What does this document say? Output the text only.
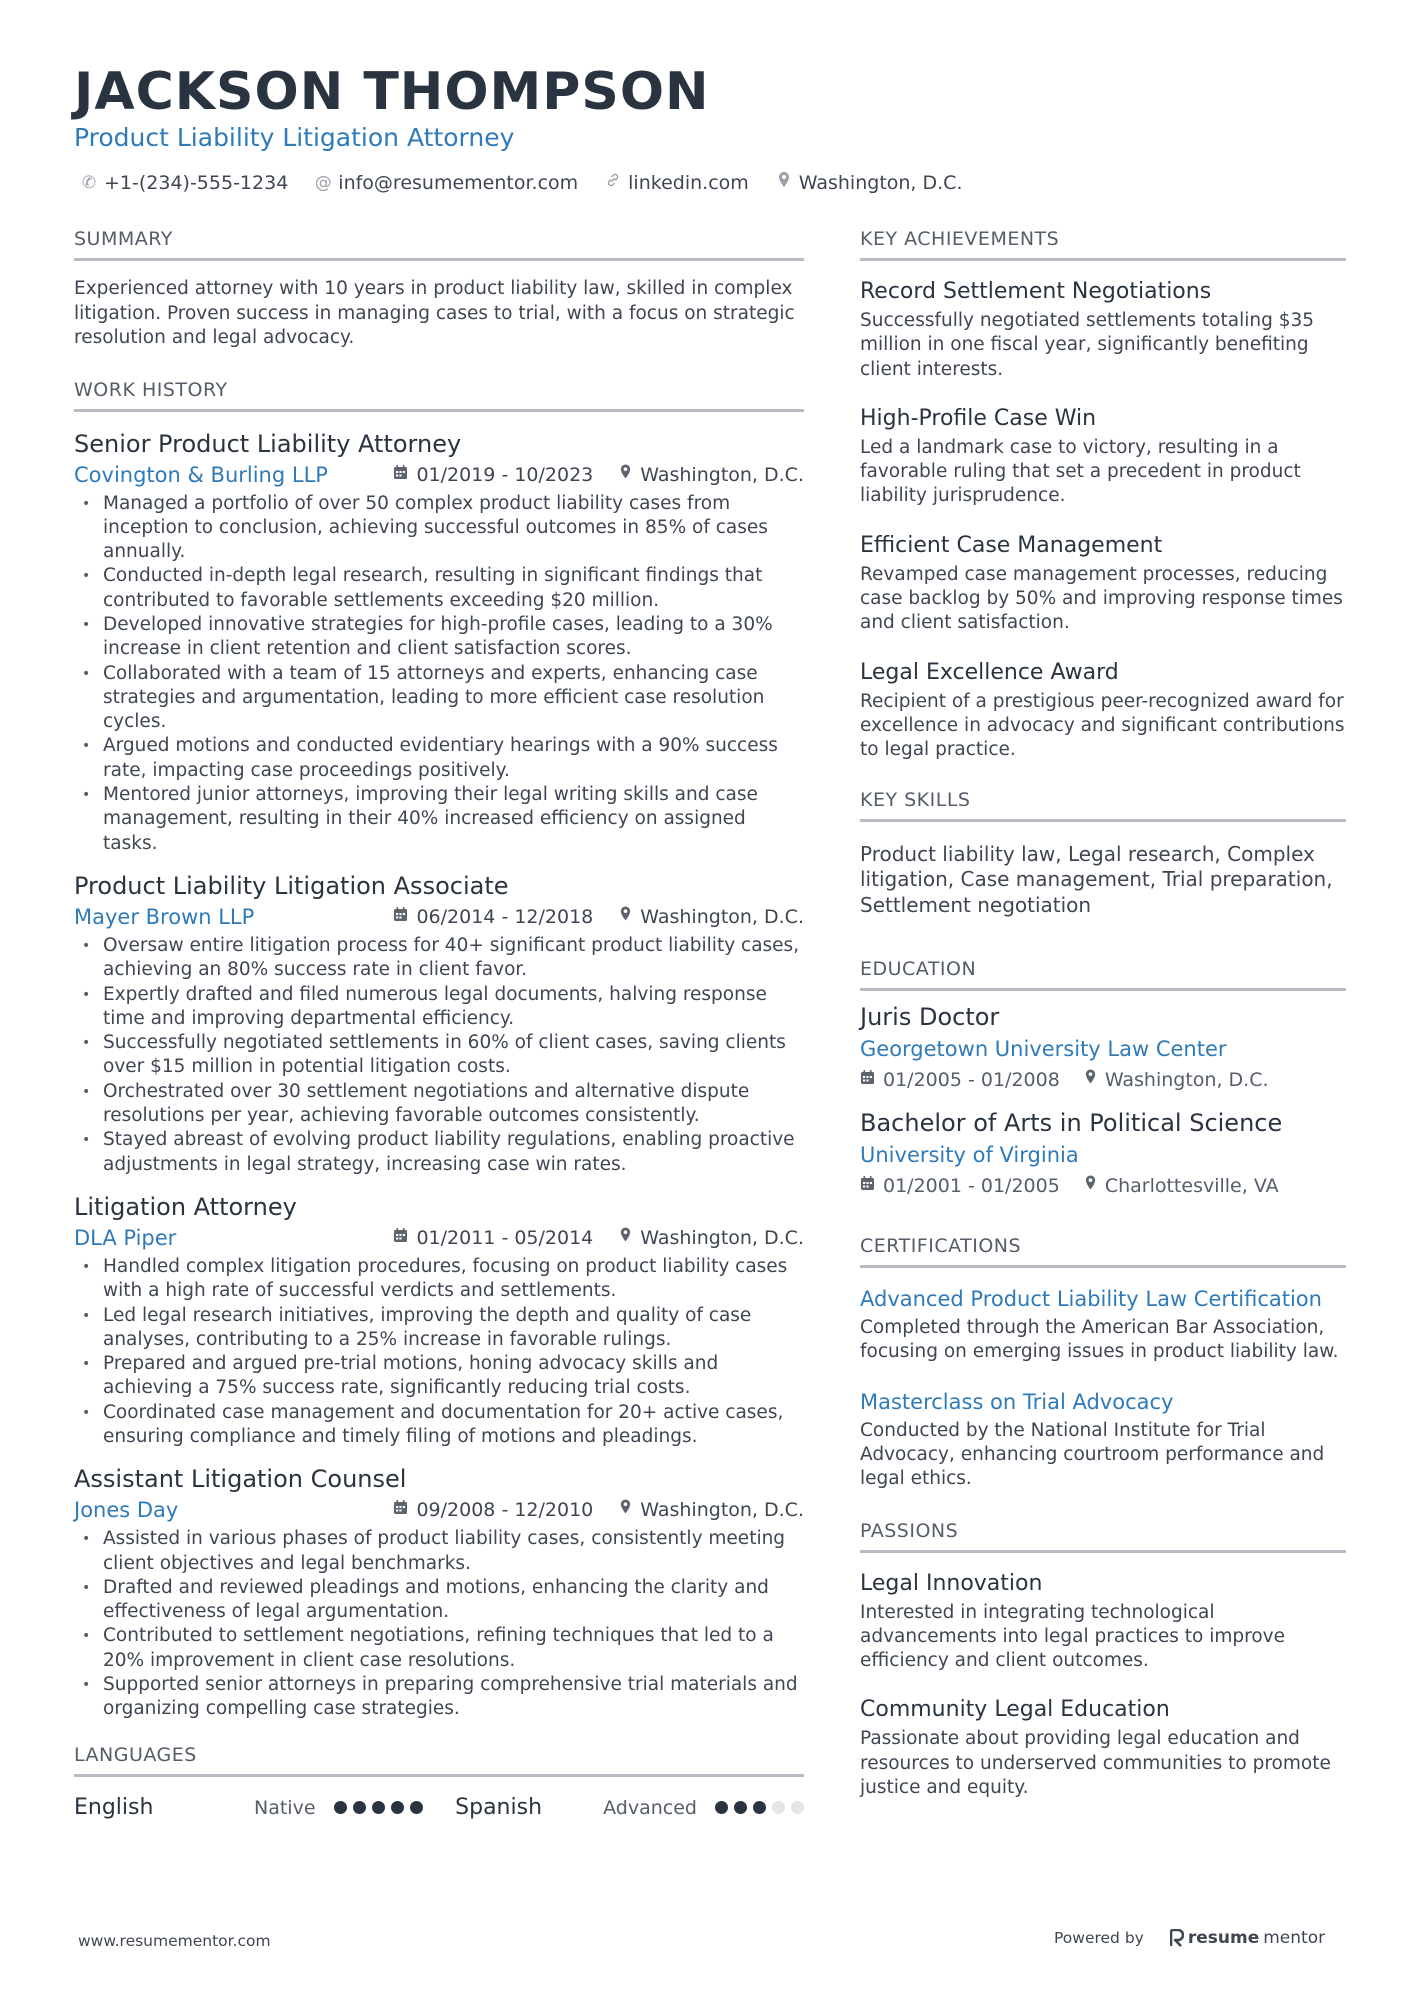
JACKSON THOMPSON
Product Liability Litigation Attorney
✆ +1-(234)-555-1234 @ info@resumementor.com	linkedin.com	Washington, D.C.
SUMMARY
Experienced attorney with 10 years in product liability law, skilled in complex litigation. Proven success in managing cases to trial, with a focus on strategic resolution and legal advocacy.
WORK HISTORY
Senior Product Liability Attorney
Covington & Burling LLP	01/2019 - 10/2023 Washington, D.C.
• Managed a portfolio of over 50 complex product liability cases from inception to conclusion, achieving successful outcomes in 85% of cases annually.
• Conducted in-depth legal research, resulting in significant findings that contributed to favorable settlements exceeding $20 million.
• Developed innovative strategies for high-profile cases, leading to a 30% increase in client retention and client satisfaction scores.
• Collaborated with a team of 15 attorneys and experts, enhancing case strategies and argumentation, leading to more efficient case resolution cycles.
• Argued motions and conducted evidentiary hearings with a 90% success rate, impacting case proceedings positively.
• Mentored junior attorneys, improving their legal writing skills and case management, resulting in their 40% increased efficiency on assigned tasks.
Product Liability Litigation Associate
Mayer Brown LLP	06/2014 - 12/2018 Washington, D.C.
• Oversaw entire litigation process for 40+ significant product liability cases, achieving an 80% success rate in client favor.
• Expertly drafted and filed numerous legal documents, halving response time and improving departmental efficiency.
• Successfully negotiated settlements in 60% of client cases, saving clients over $15 million in potential litigation costs.
• Orchestrated over 30 settlement negotiations and alternative dispute resolutions per year, achieving favorable outcomes consistently.
• Stayed abreast of evolving product liability regulations, enabling proactive adjustments in legal strategy, increasing case win rates.
Litigation Attorney
DLA Piper	01/2011 - 05/2014 Washington, D.C.
• Handled complex litigation procedures, focusing on product liability cases with a high rate of successful verdicts and settlements.
• Led legal research initiatives, improving the depth and quality of case analyses, contributing to a 25% increase in favorable rulings.
• Prepared and argued pre-trial motions, honing advocacy skills and achieving a 75% success rate, significantly reducing trial costs.
• Coordinated case management and documentation for 20+ active cases, ensuring compliance and timely filing of motions and pleadings.
Assistant Litigation Counsel
Jones Day	09/2008 - 12/2010 Washington, D.C.
• Assisted in various phases of product liability cases, consistently meeting client objectives and legal benchmarks.
• Drafted and reviewed pleadings and motions, enhancing the clarity and effectiveness of legal argumentation.
• Contributed to settlement negotiations, refining techniques that led to a 20% improvement in client case resolutions.
• Supported senior attorneys in preparing comprehensive trial materials and organizing compelling case strategies.
LANGUAGES
English	Native	Spanish	Advanced
KEY ACHIEVEMENTS
Record Settlement Negotiations
Successfully negotiated settlements totaling $35 million in one fiscal year, significantly benefiting client interests.
High-Profile Case Win
Led a landmark case to victory, resulting in a favorable ruling that set a precedent in product liability jurisprudence.
Efficient Case Management
Revamped case management processes, reducing case backlog by 50% and improving response times and client satisfaction.
Legal Excellence Award
Recipient of a prestigious peer-recognized award for excellence in advocacy and significant contributions to legal practice.
KEY SKILLS
Product liability law, Legal research, Complex litigation, Case management, Trial preparation, Settlement negotiation
EDUCATION
Juris Doctor
Georgetown University Law Center
01/2005 - 01/2008 Washington, D.C.
Bachelor of Arts in Political Science
University of Virginia
01/2001 - 01/2005 Charlottesville, VA
CERTIFICATIONS
Advanced Product Liability Law Certification
Completed through the American Bar Association, focusing on emerging issues in product liability law.
Masterclass on Trial Advocacy
Conducted by the National Institute for Trial Advocacy, enhancing courtroom performance and legal ethics.
PASSIONS
Legal Innovation
Interested in integrating technological advancements into legal practices to improve efficiency and client outcomes.
Community Legal Education
Passionate about providing legal education and resources to underserved communities to promote justice and equity.
www.resumementor.com	Powered by	resume mentor
